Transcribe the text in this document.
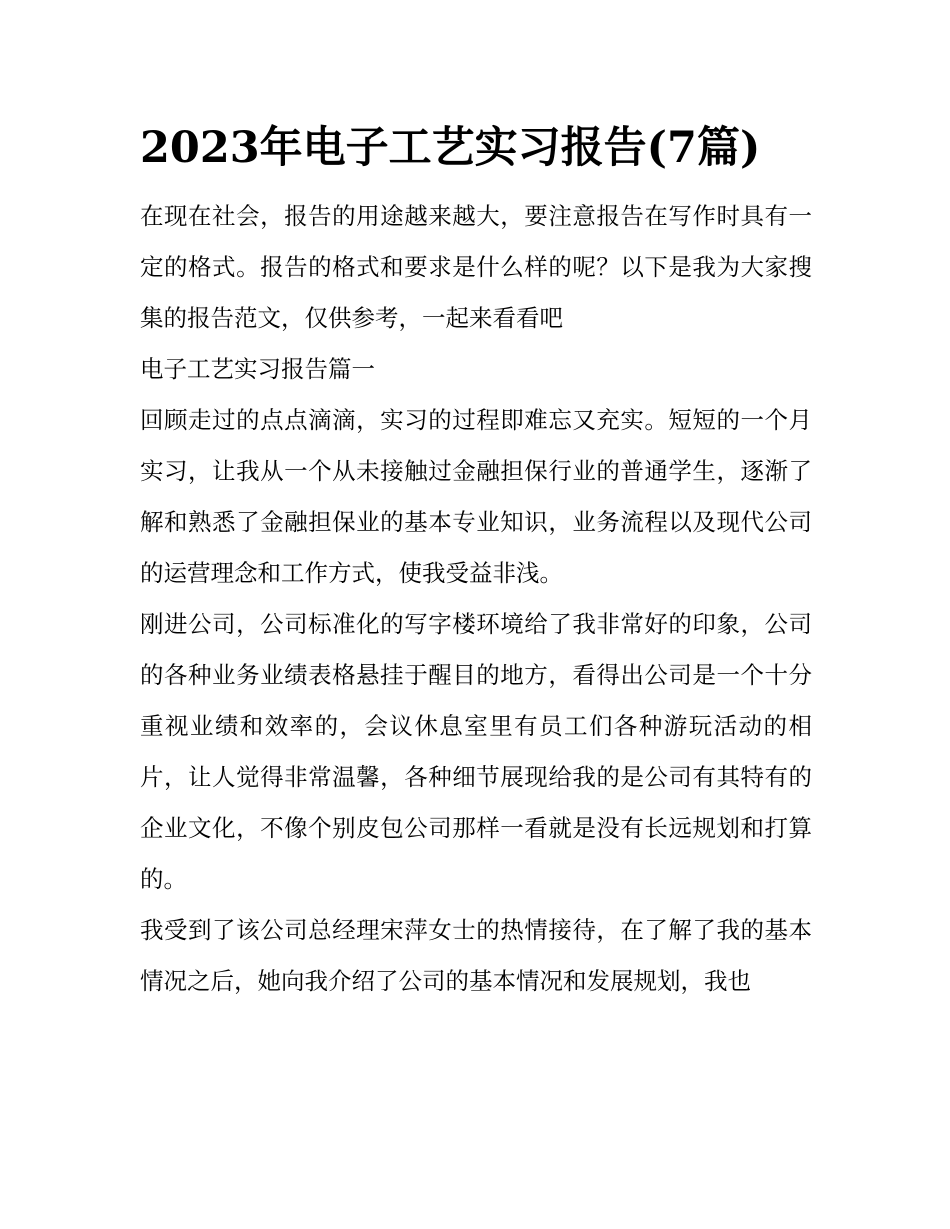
2023年电子工艺实习报告(7篇)

在现在社会，报告的用途越来越大，要注意报告在写作时具有一定的格式。报告的格式和要求是什么样的呢？以下是我为大家搜集的报告范文，仅供参考，一起来看看吧

电子工艺实习报告篇一

回顾走过的点点滴滴，实习的过程即难忘又充实。短短的一个月实习，让我从一个从未接触过金融担保行业的普通学生，逐渐了解和熟悉了金融担保业的基本专业知识，业务流程以及现代公司的运营理念和工作方式，使我受益非浅。

刚进公司，公司标准化的写字楼环境给了我非常好的印象，公司的各种业务业绩表格悬挂于醒目的地方，看得出公司是一个十分重视业绩和效率的，会议休息室里有员工们各种游玩活动的相片，让人觉得非常温馨，各种细节展现给我的是公司有其特有的企业文化，不像个别皮包公司那样一看就是没有长远规划和打算的。

我受到了该公司总经理宋萍女士的热情接待，在了解了我的基本情况之后，她向我介绍了公司的基本情况和发展规划，我也
